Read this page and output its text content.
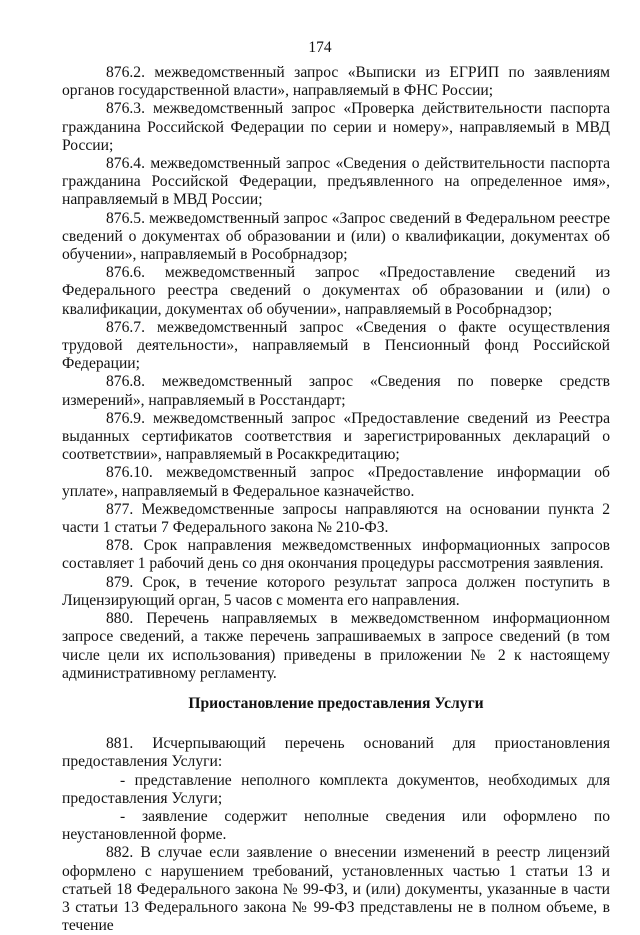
174

876.2. межведомственный запрос «Выписки из ЕГРИП по заявлениям органов государственной власти», направляемый в ФНС России;

876.3. межведомственный запрос «Проверка действительности паспорта гражданина Российской Федерации по серии и номеру», направляемый в МВД России;

876.4. межведомственный запрос «Сведения о действительности паспорта гражданина Российской Федерации, предъявленного на определенное имя», направляемый в МВД России;

876.5. межведомственный запрос «Запрос сведений в Федеральном реестре сведений о документах об образовании и (или) о квалификации, документах об обучении», направляемый в Рособрнадзор;

876.6. межведомственный запрос «Предоставление сведений из Федерального реестра сведений о документах об образовании и (или) о квалификации, документах об обучении», направляемый в Рособрнадзор;

876.7. межведомственный запрос «Сведения о факте осуществления трудовой деятельности», направляемый в Пенсионный фонд Российской Федерации;

876.8. межведомственный запрос «Сведения по поверке средств измерений», направляемый в Росстандарт;

876.9. межведомственный запрос «Предоставление сведений из Реестра выданных сертификатов соответствия и зарегистрированных деклараций о соответствии», направляемый в Росаккредитацию;

876.10. межведомственный запрос «Предоставление информации об уплате», направляемый в Федеральное казначейство.

877. Межведомственные запросы направляются на основании пункта 2 части 1 статьи 7 Федерального закона № 210-ФЗ.

878. Срок направления межведомственных информационных запросов составляет 1 рабочий день со дня окончания процедуры рассмотрения заявления.

879. Срок, в течение которого результат запроса должен поступить в Лицензирующий орган, 5 часов с момента его направления.

880. Перечень направляемых в межведомственном информационном запросе сведений, а также перечень запрашиваемых в запросе сведений (в том числе цели их использования) приведены в приложении № 2 к настоящему административному регламенту.

Приостановление предоставления Услуги

881. Исчерпывающий перечень оснований для приостановления предоставления Услуги:

- представление неполного комплекта документов, необходимых для предоставления Услуги;

- заявление содержит неполные сведения или оформлено по неустановленной форме.

882. В случае если заявление о внесении изменений в реестр лицензий оформлено с нарушением требований, установленных частью 1 статьи 13 и статьей 18 Федерального закона № 99-ФЗ, и (или) документы, указанные в части 3 статьи 13 Федерального закона № 99-ФЗ представлены не в полном объеме, в течение
